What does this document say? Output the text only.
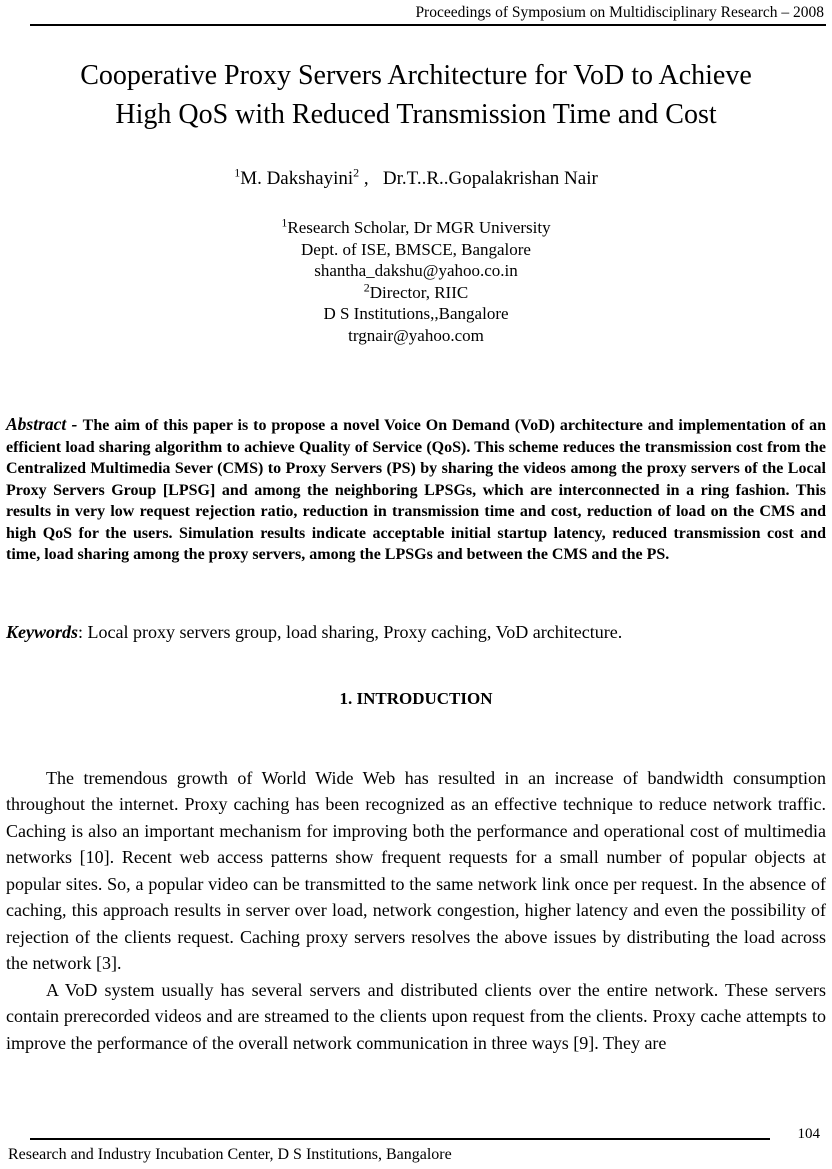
Proceedings of Symposium on Multidisciplinary Research – 2008
Cooperative Proxy Servers Architecture for VoD to Achieve
High QoS with Reduced Transmission Time and Cost
$^1$M. Dakshayini$^2$ ,   Dr.T..R..Gopalakrishan Nair
$^1$Research Scholar, Dr MGR University
Dept. of ISE, BMSCE, Bangalore
shantha_dakshu@yahoo.co.in
$^2$Director, RIIC
D S Institutions,,Bangalore
trgnair@yahoo.com

Abstract - The aim of this paper is to propose a novel Voice On Demand (VoD) architecture and implementation of an efficient load sharing algorithm to achieve Quality of Service (QoS). This scheme reduces the transmission cost from the Centralized Multimedia Sever (CMS) to Proxy Servers (PS) by sharing the videos among the proxy servers of the Local Proxy Servers Group [LPSG] and among the neighboring LPSGs, which are interconnected in a ring fashion. This results in very low request rejection ratio, reduction in transmission time and cost, reduction of load on the CMS and high QoS for the users. Simulation results indicate acceptable initial startup latency, reduced transmission cost and time, load sharing among the proxy servers, among the LPSGs and between the CMS and the PS.

Keywords: Local proxy servers group, load sharing, Proxy caching, VoD architecture.

1. INTRODUCTION

The tremendous growth of World Wide Web has resulted in an increase of bandwidth consumption throughout the internet. Proxy caching has been recognized as an effective technique to reduce network traffic. Caching is also an important mechanism for improving both the performance and operational cost of multimedia networks [10]. Recent web access patterns show frequent requests for a small number of popular objects at popular sites. So, a popular video can be transmitted to the same network link once per request. In the absence of caching, this approach results in server over load, network congestion, higher latency and even the possibility of rejection of the clients request. Caching proxy servers resolves the above issues by distributing the load across the network [3].

A VoD system usually has several servers and distributed clients over the entire network. These servers contain prerecorded videos and are streamed to the clients upon request from the clients. Proxy cache attempts to improve the performance of the overall network communication in three ways [9]. They are

104
Research and Industry Incubation Center, D S Institutions, Bangalore
